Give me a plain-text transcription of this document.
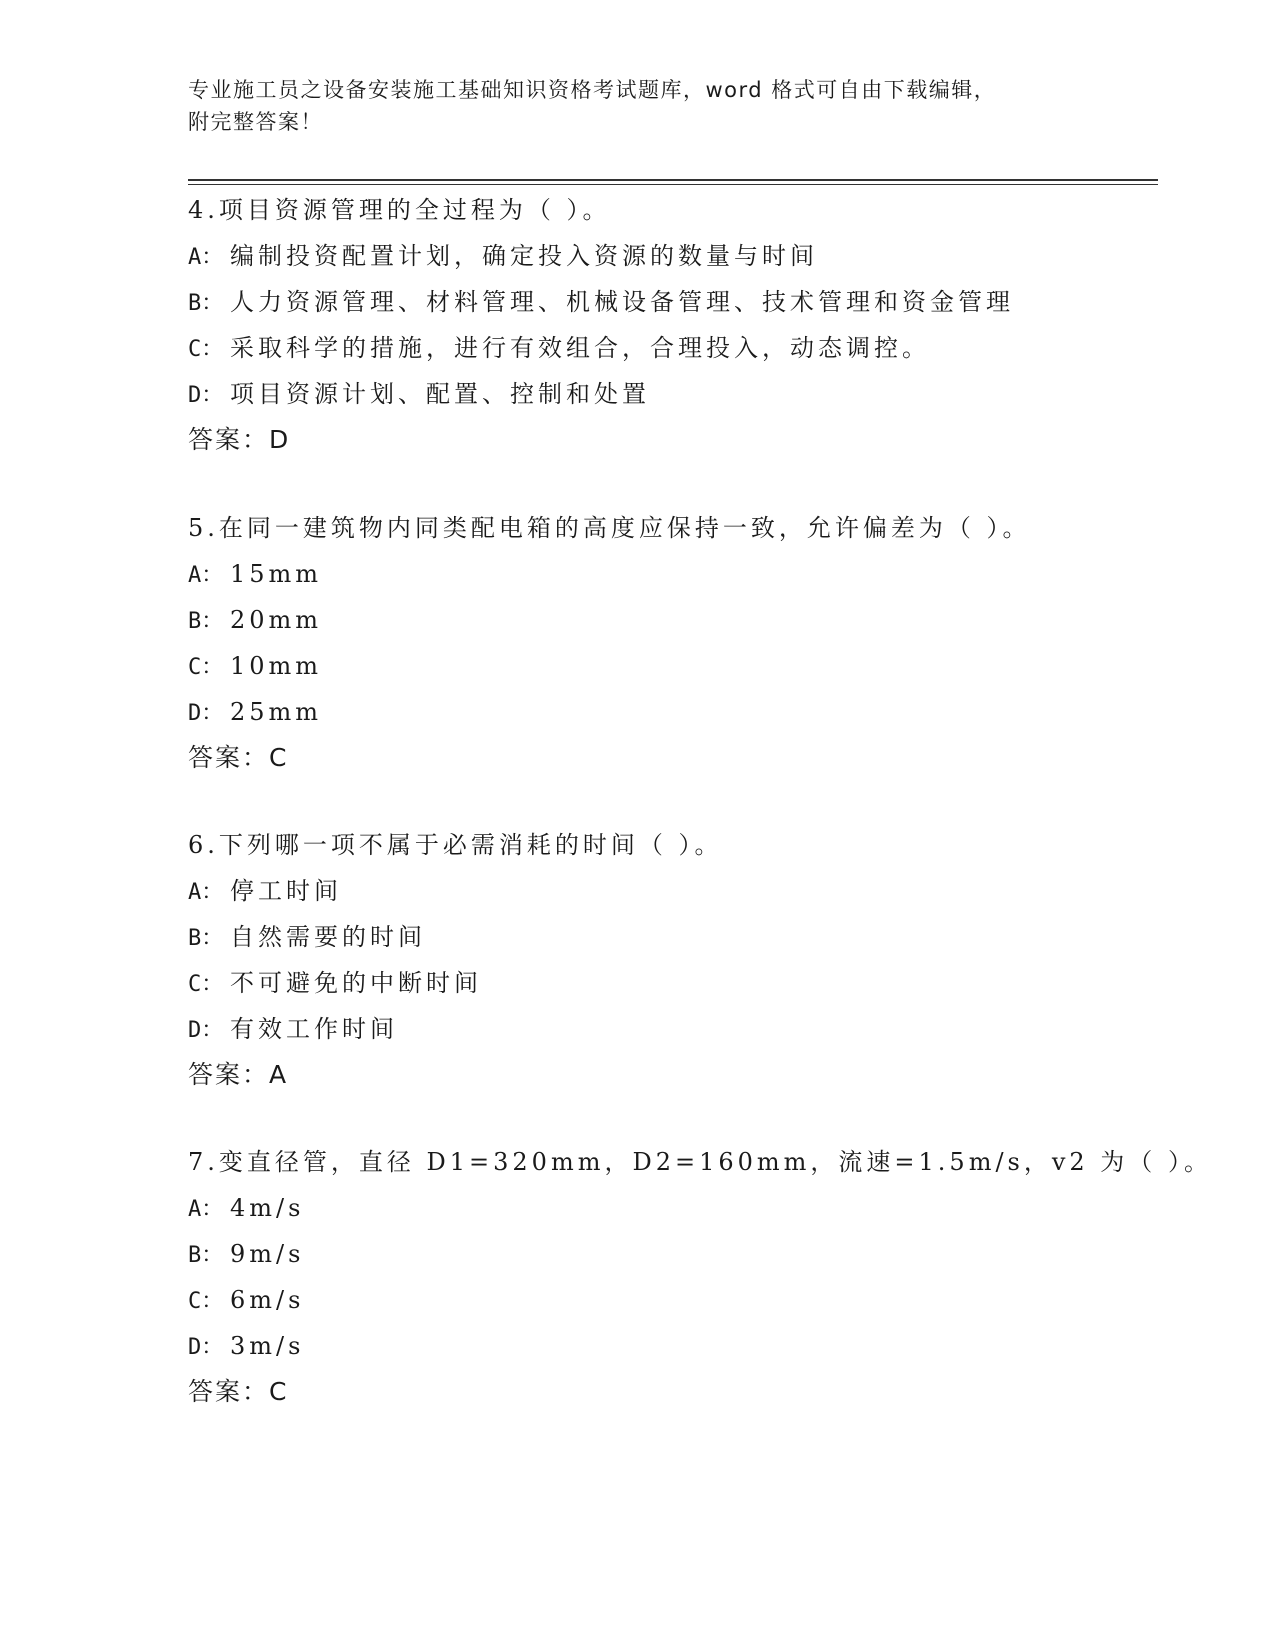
专业施工员之设备安装施工基础知识资格考试题库，word 格式可自由下载编辑，
附完整答案！
4.项目资源管理的全过程为（ ）。
A： 编制投资配置计划，确定投入资源的数量与时间
B： 人力资源管理、材料管理、机械设备管理、技术管理和资金管理
C： 采取科学的措施，进行有效组合，合理投入，动态调控。
D： 项目资源计划、配置、控制和处置
答案：D
5.在同一建筑物内同类配电箱的高度应保持一致，允许偏差为（ ）。
A： 15mm
B： 20mm
C： 10mm
D： 25mm
答案：C
6.下列哪一项不属于必需消耗的时间（ ）。
A： 停工时间
B： 自然需要的时间
C： 不可避免的中断时间
D： 有效工作时间
答案：A
7.变直径管，直径 D1=320mm，D2=160mm，流速=1.5m/s，v2 为（ ）。
A： 4m/s
B： 9m/s
C： 6m/s
D： 3m/s
答案：C
